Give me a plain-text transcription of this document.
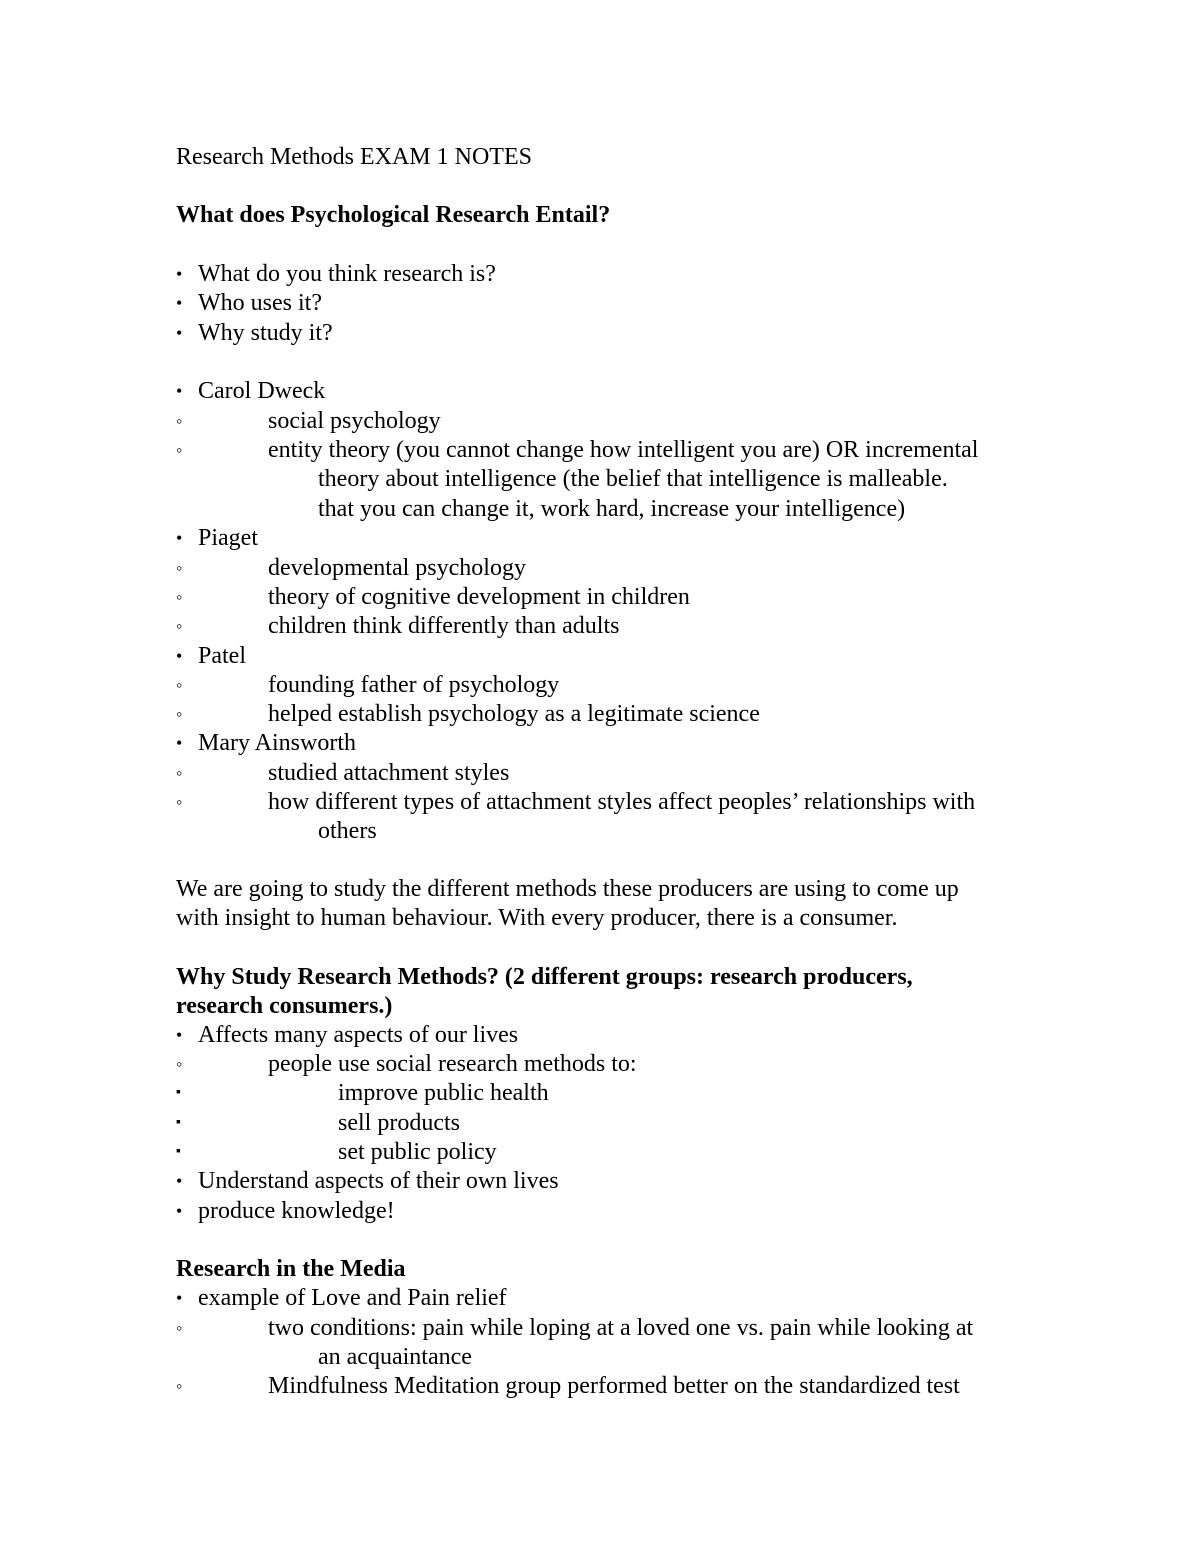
Research Methods EXAM 1 NOTES
What does Psychological Research Entail?
• What do you think research is?
• Who uses it?
• Why study it?
• Carol Dweck
◦	social psychology
◦	entity theory (you cannot change how intelligent you are) OR incremental
theory about intelligence (the belief that intelligence is malleable.
that you can change it, work hard, increase your intelligence)
• Piaget
◦	developmental psychology
◦	theory of cognitive development in children
◦	children think differently than adults
• Patel
◦	founding father of psychology
◦	helped establish psychology as a legitimate science
• Mary Ainsworth
◦	studied attachment styles
◦	how different types of attachment styles affect peoples’ relationships with
others
We are going to study the different methods these producers are using to come up
with insight to human behaviour. With every producer, there is a consumer.
Why Study Research Methods? (2 different groups: research producers,
research consumers.)
• Affects many aspects of our lives
◦	people use social research methods to:
▪	improve public health
▪	sell products
▪	set public policy
• Understand aspects of their own lives
• produce knowledge!
Research in the Media
• example of Love and Pain relief
◦	two conditions: pain while loping at a loved one vs. pain while looking at
an acquaintance
◦	Mindfulness Meditation group performed better on the standardized test
